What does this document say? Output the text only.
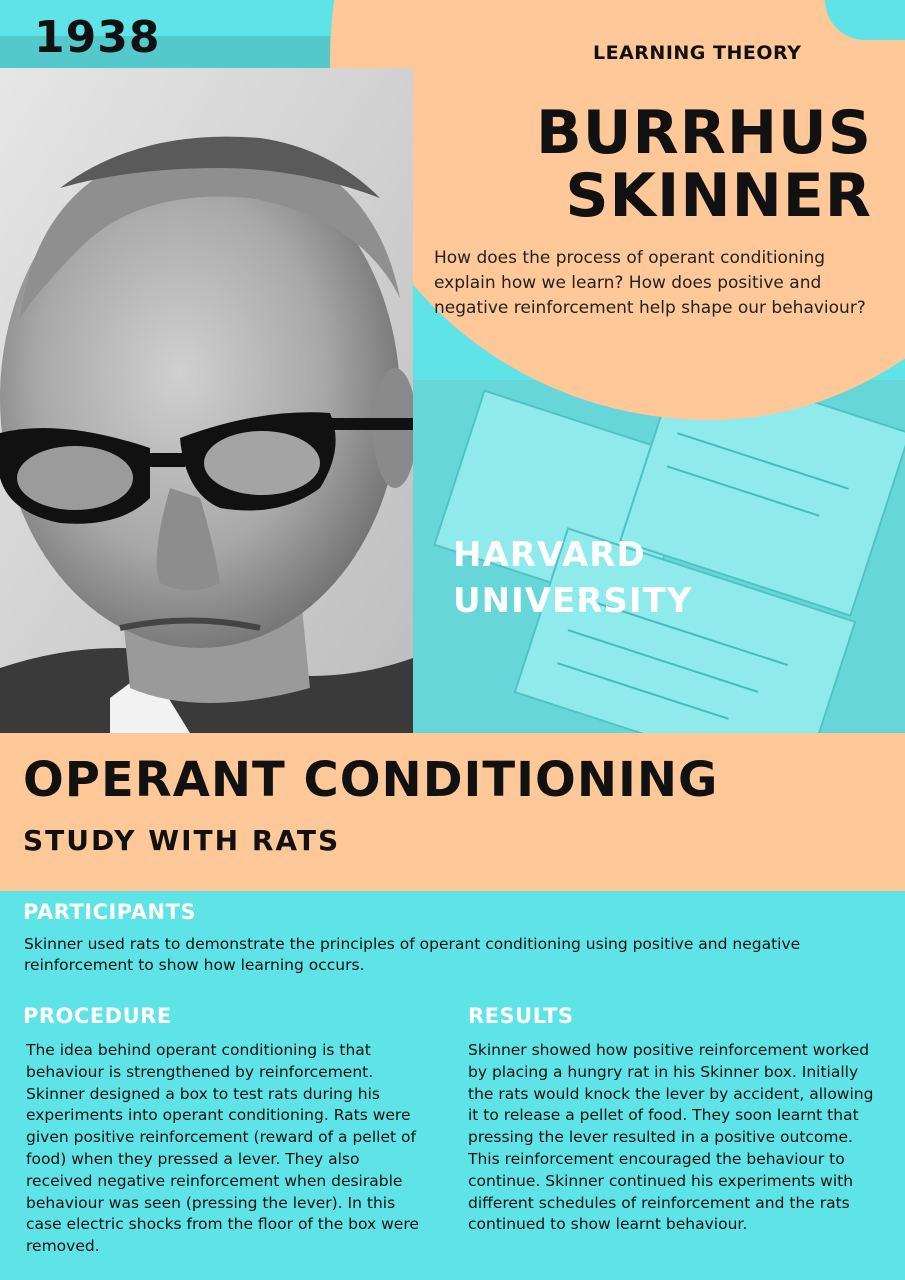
1938	LEARNING THEORY
BURRHUS
SKINNER
How does the process of operant conditioning explain how we learn? How does positive and negative reinforcement help shape our behaviour?
HARVARD
UNIVERSITY
OPERANT CONDITIONING
STUDY WITH RATS
PARTICIPANTS
Skinner used rats to demonstrate the principles of operant conditioning using positive and negative reinforcement to show how learning occurs.
PROCEDURE
The idea behind operant conditioning is that behaviour is strengthened by reinforcement. Skinner designed a box to test rats during his experiments into operant conditioning. Rats were given positive reinforcement (reward of a pellet of food) when they pressed a lever. They also received negative reinforcement when desirable behaviour was seen (pressing the lever). In this case electric shocks from the floor of the box were removed.
RESULTS
Skinner showed how positive reinforcement worked by placing a hungry rat in his Skinner box. Initially the rats would knock the lever by accident, allowing it to release a pellet of food. They soon learnt that pressing the lever resulted in a positive outcome. This reinforcement encouraged the behaviour to continue. Skinner continued his experiments with different schedules of reinforcement and the rats continued to show learnt behaviour.
